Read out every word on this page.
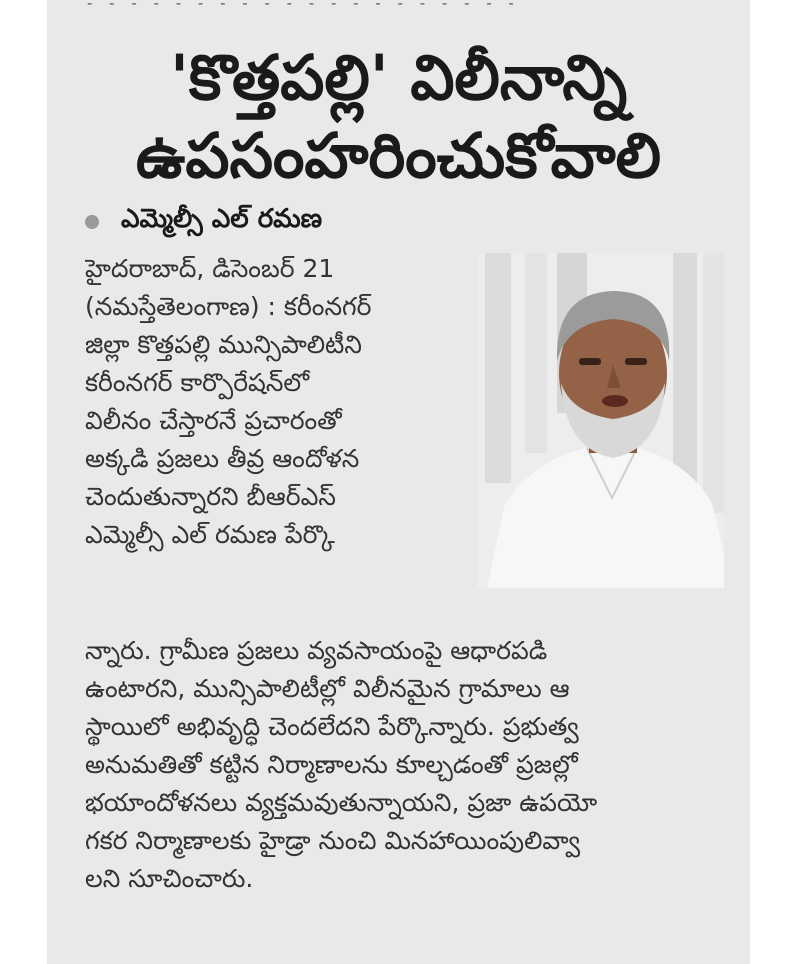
- - - - - - - - - - - - - - - - - - - -
'కొత్తపల్లి' విలీనాన్ని
ఉపసంహరించుకోవాలి
ఎమ్మెల్సీ ఎల్ రమణ
హైదరాబాద్, డిసెంబర్ 21
(నమస్తేతెలంగాణ) : కరీంనగర్
జిల్లా కొత్తపల్లి మున్సిపాలిటీని
కరీంనగర్ కార్పొరేషన్‌లో
విలీనం చేస్తారనే ప్రచారంతో
అక్కడి ప్రజలు తీవ్ర ఆందోళన
చెందుతున్నారని బీఆర్‌ఎస్
ఎమ్మెల్సీ ఎల్ రమణ పేర్కొ
న్నారు. గ్రామీణ ప్రజలు వ్యవసాయంపై ఆధారపడి
ఉంటారని, మున్సిపాలిటీల్లో విలీనమైన గ్రామాలు ఆ
స్థాయిలో అభివృద్ధి చెందలేదని పేర్కొన్నారు. ప్రభుత్వ
అనుమతితో కట్టిన నిర్మాణాలను కూల్చడంతో ప్రజల్లో
భయాందోళనలు వ్యక్తమవుతున్నాయని, ప్రజా ఉపయో
గకర నిర్మాణాలకు హైడ్రా నుంచి మినహాయింపులివ్వా
లని సూచించారు.
